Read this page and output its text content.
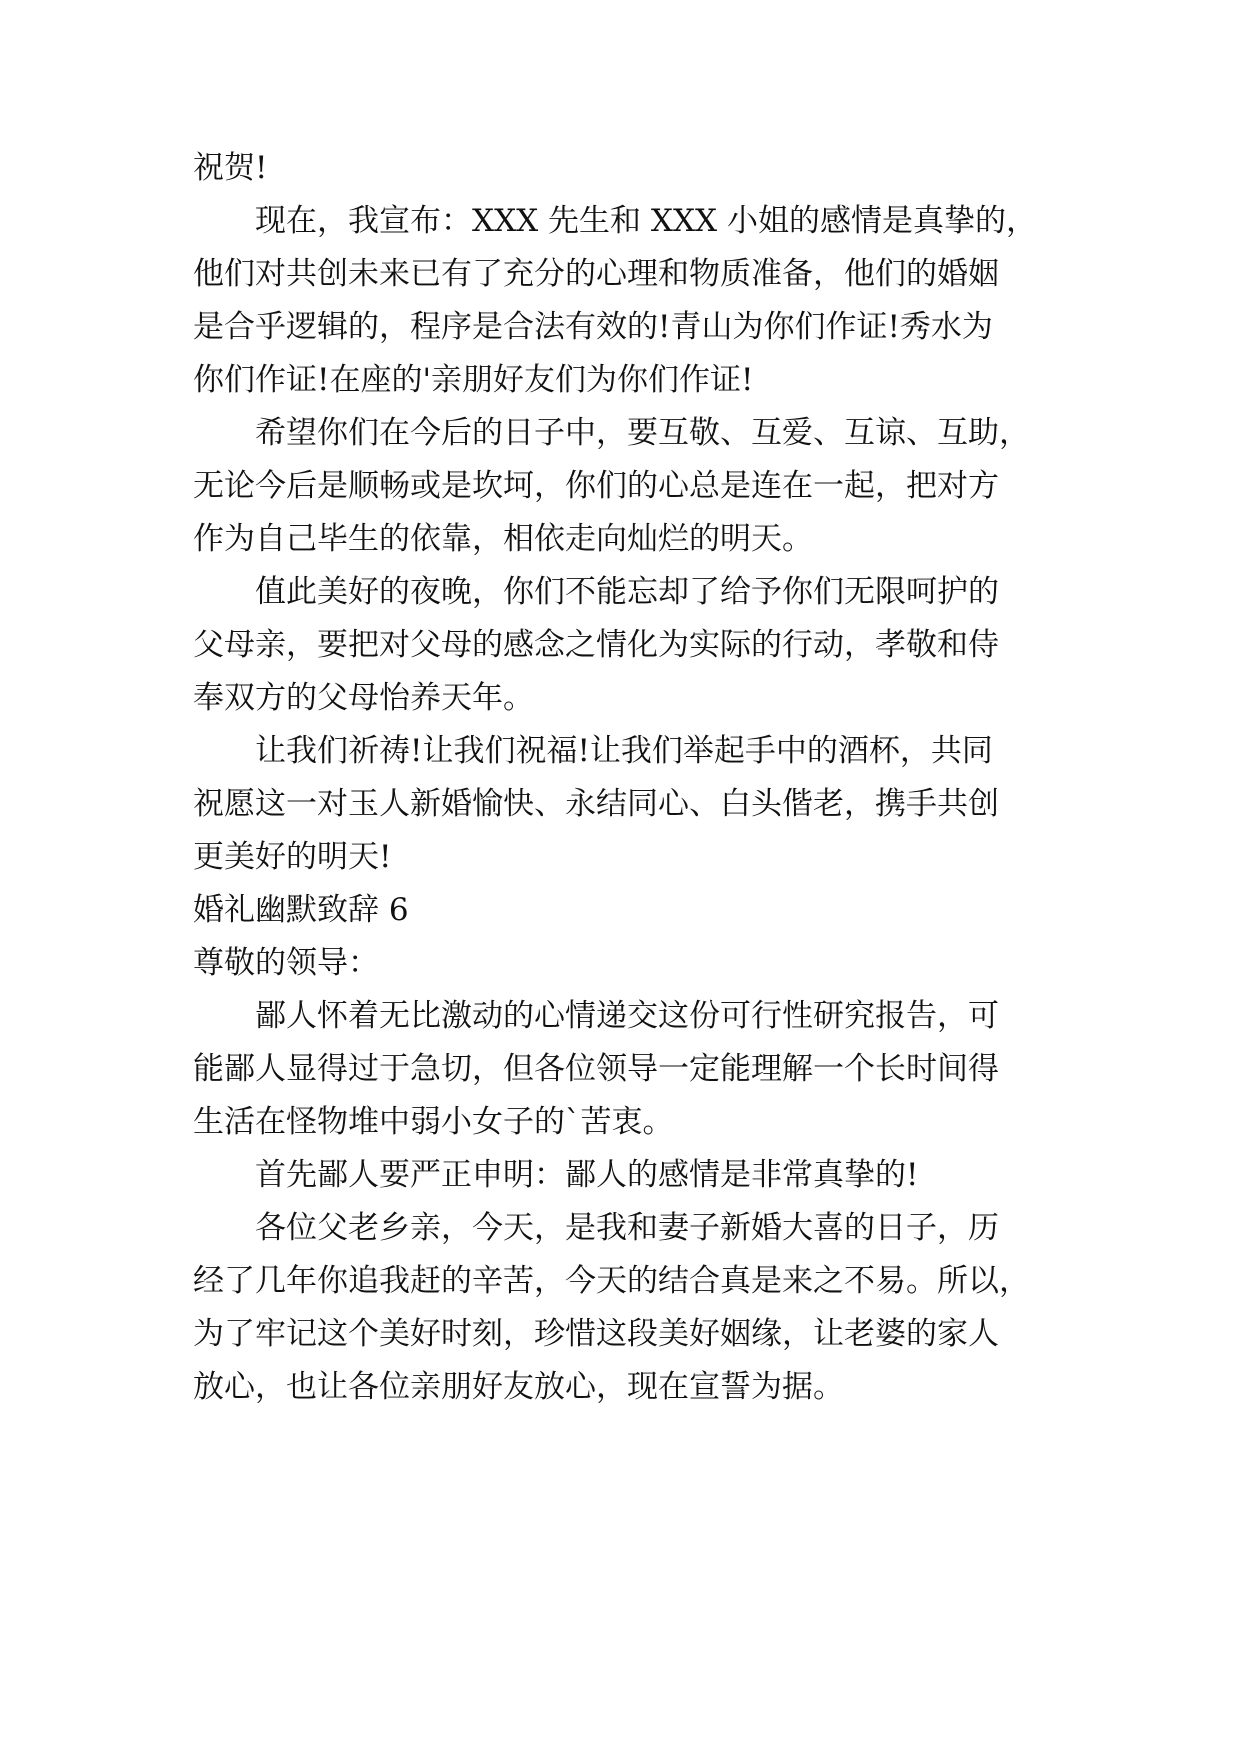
祝贺!
现在，我宣布：XXX 先生和 XXX 小姐的感情是真挚的，
他们对共创未来已有了充分的心理和物质准备，他们的婚姻
是合乎逻辑的，程序是合法有效的!青山为你们作证!秀水为
你们作证!在座的'亲朋好友们为你们作证!
希望你们在今后的日子中，要互敬、互爱、互谅、互助，
无论今后是顺畅或是坎坷，你们的心总是连在一起，把对方
作为自己毕生的依靠，相依走向灿烂的明天。
值此美好的夜晚，你们不能忘却了给予你们无限呵护的
父母亲，要把对父母的感念之情化为实际的行动，孝敬和侍
奉双方的父母怡养天年。
让我们祈祷!让我们祝福!让我们举起手中的酒杯，共同
祝愿这一对玉人新婚愉快、永结同心、白头偕老，携手共创
更美好的明天!
婚礼幽默致辞 6
尊敬的领导：
鄙人怀着无比激动的心情递交这份可行性研究报告，可
能鄙人显得过于急切，但各位领导一定能理解一个长时间得
生活在怪物堆中弱小女子的`苦衷。
首先鄙人要严正申明：鄙人的感情是非常真挚的!
各位父老乡亲，今天，是我和妻子新婚大喜的日子，历
经了几年你追我赶的辛苦，今天的结合真是来之不易。所以，
为了牢记这个美好时刻，珍惜这段美好姻缘，让老婆的家人
放心，也让各位亲朋好友放心，现在宣誓为据。
